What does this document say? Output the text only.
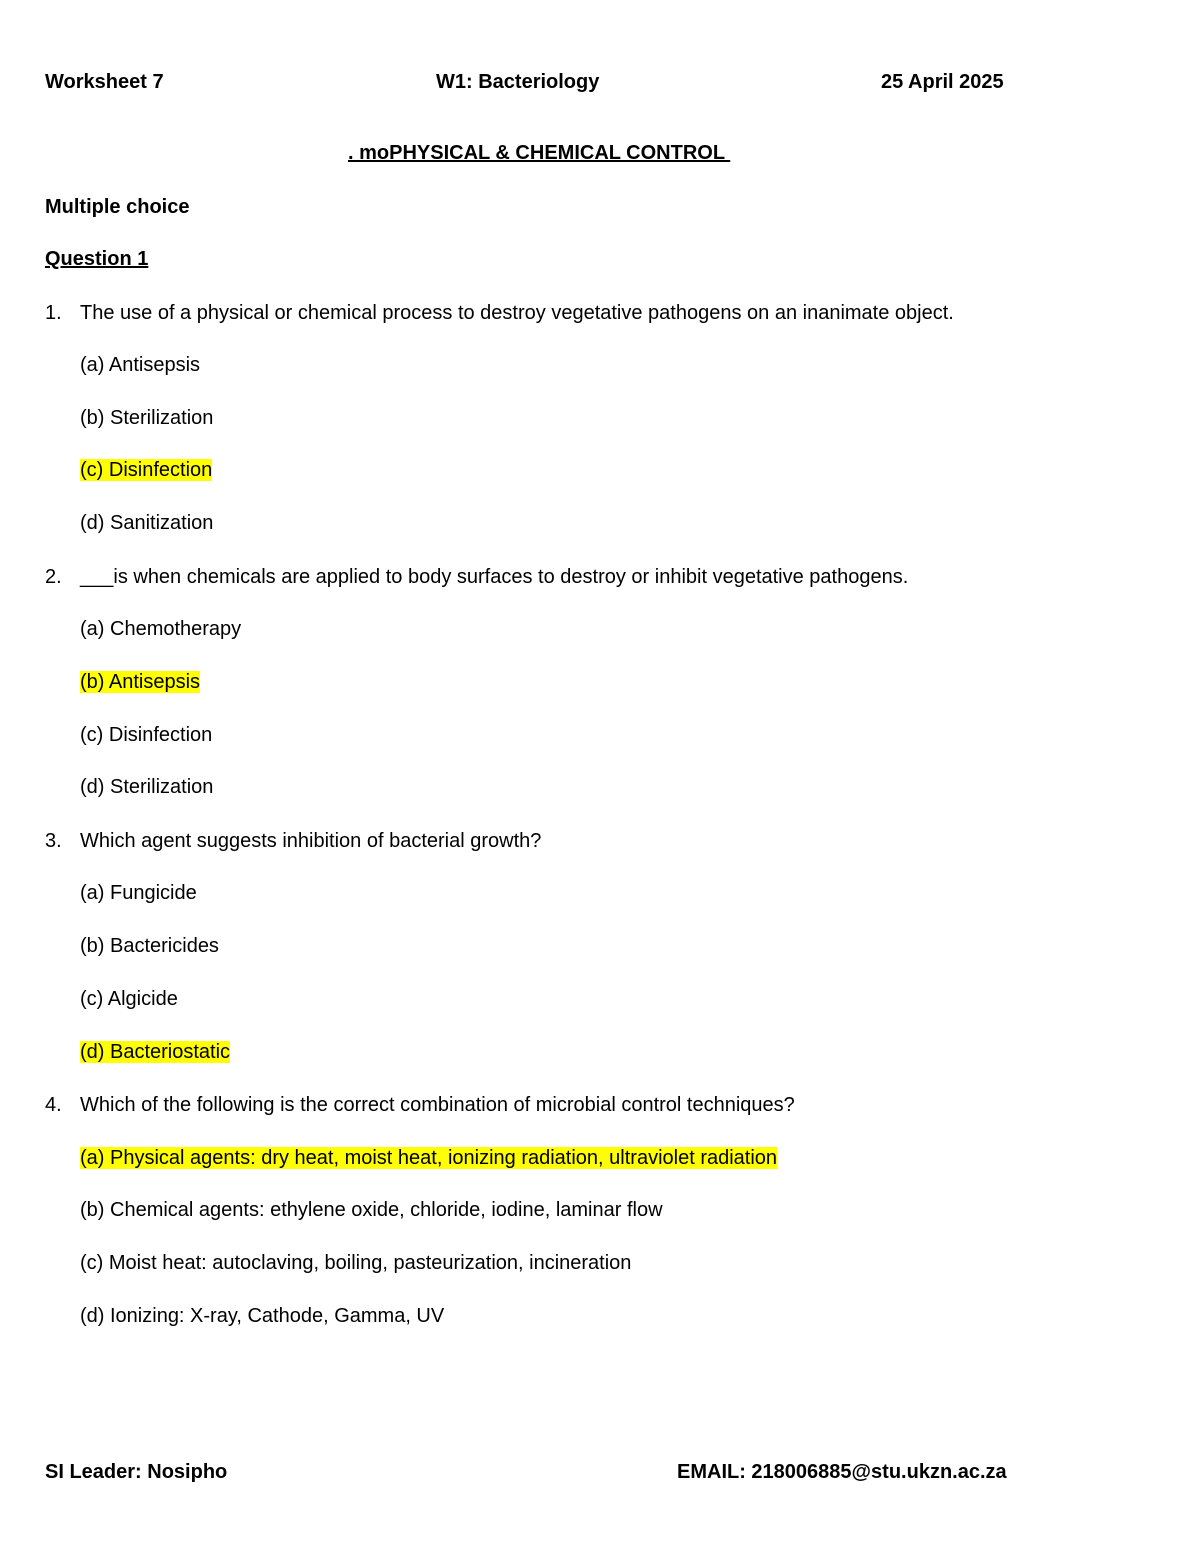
Worksheet 7	W1: Bacteriology	25 April 2025
. moPHYSICAL & CHEMICAL CONTROL
Multiple choice
Question 1
1. The use of a physical or chemical process to destroy vegetative pathogens on an inanimate object.
(a) Antisepsis
(b) Sterilization
(c) Disinfection
(d) Sanitization
2. ___is when chemicals are applied to body surfaces to destroy or inhibit vegetative pathogens.
(a) Chemotherapy
(b) Antisepsis
(c) Disinfection
(d) Sterilization
3. Which agent suggests inhibition of bacterial growth?
(a) Fungicide
(b) Bactericides
(c) Algicide
(d) Bacteriostatic
4. Which of the following is the correct combination of microbial control techniques?
(a) Physical agents: dry heat, moist heat, ionizing radiation, ultraviolet radiation
(b) Chemical agents: ethylene oxide, chloride, iodine, laminar flow
(c) Moist heat: autoclaving, boiling, pasteurization, incineration
(d) Ionizing: X-ray, Cathode, Gamma, UV
SI Leader: Nosipho	EMAIL: 218006885@stu.ukzn.ac.za
